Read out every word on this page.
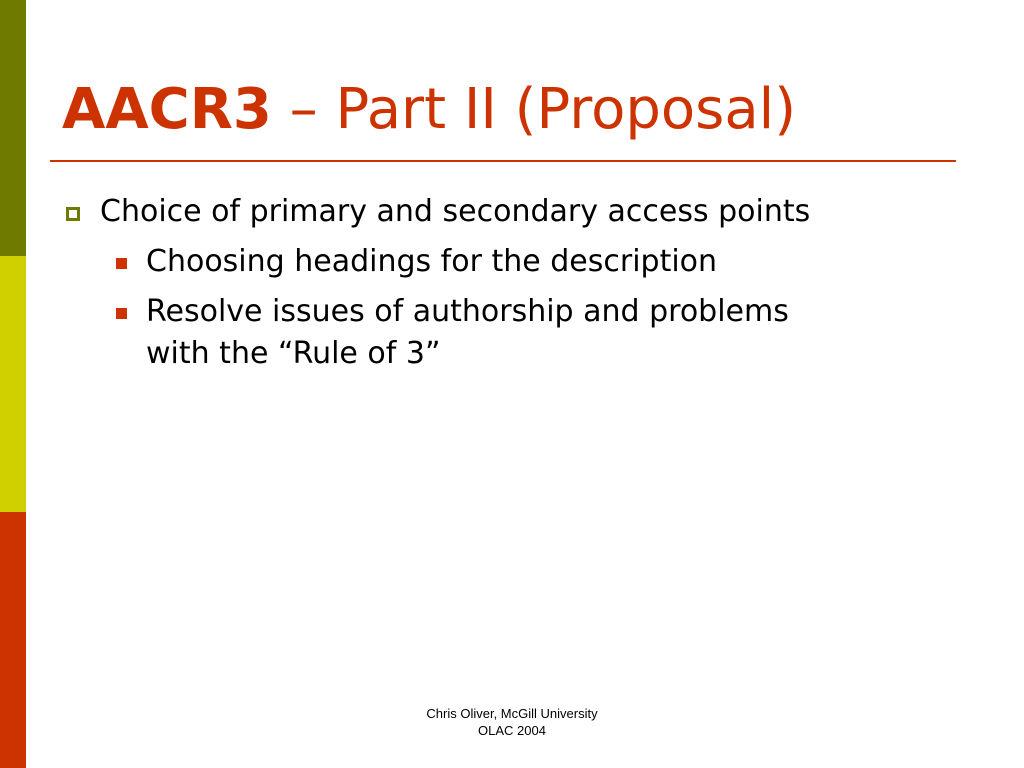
AACR3 – Part II (Proposal)
Choice of primary and secondary access points
Choosing headings for the description
Resolve issues of authorship and problems
with the “Rule of 3”
Chris Oliver, McGill University
OLAC 2004
